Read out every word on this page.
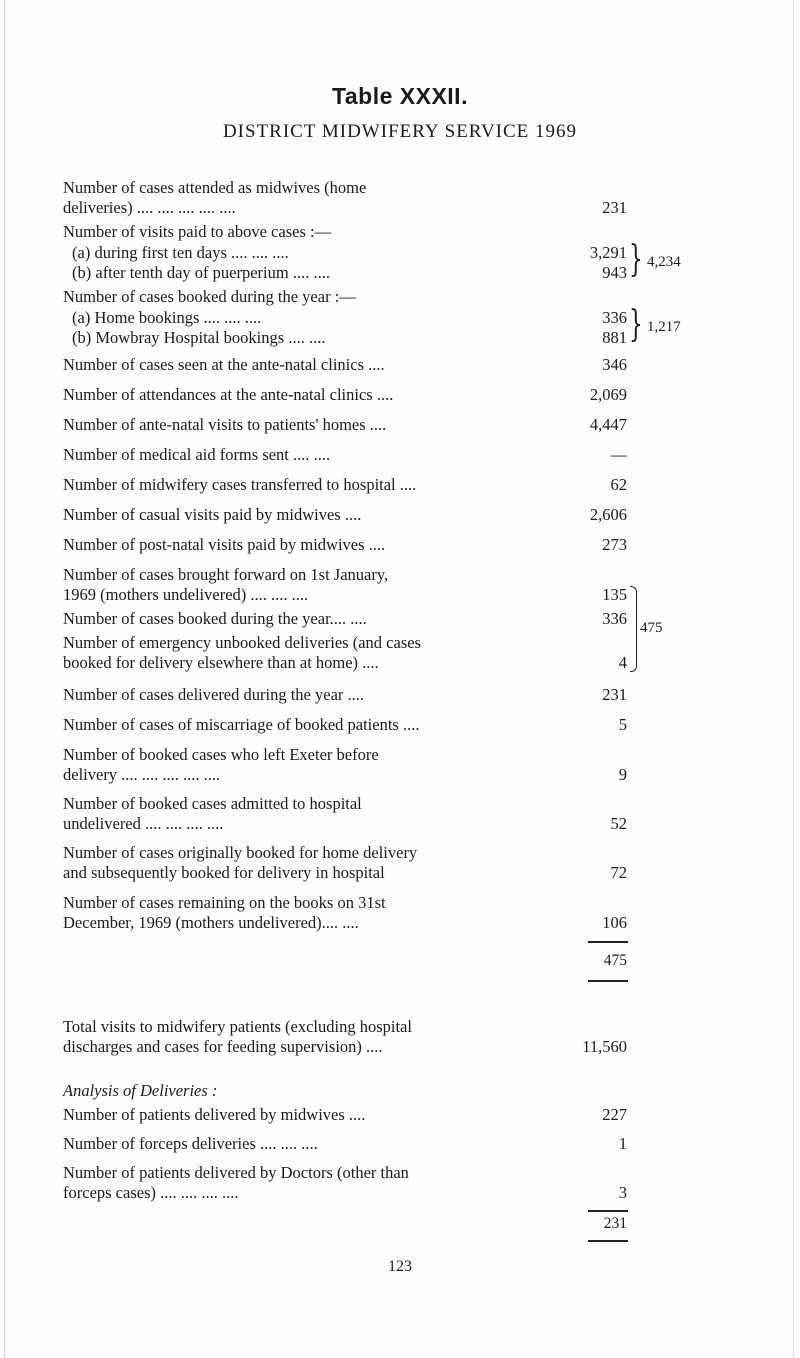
Table XXXII.
DISTRICT MIDWIFERY SERVICE 1969
Number of cases attended as midwives (home
deliveries) .... .... .... .... ....	231
Number of visits paid to above cases :—
(a) during first ten days .... .... ....	3,291
(b) after tenth day of puerperium .... ....	943 } 4,234
Number of cases booked during the year :—
(a) Home bookings .... .... ....	336
(b) Mowbray Hospital bookings .... ....	881 } 1,217
Number of cases seen at the ante-natal clinics ....	346
Number of attendances at the ante-natal clinics ....	2,069
Number of ante-natal visits to patients' homes ....	4,447
Number of medical aid forms sent .... ....	—
Number of midwifery cases transferred to hospital ....	62
Number of casual visits paid by midwives ....	2,606
Number of post-natal visits paid by midwives ....	273
Number of cases brought forward on 1st January,
1969 (mothers undelivered) .... .... ....	135
Number of cases booked during the year.... ....	336
Number of emergency unbooked deliveries (and cases
booked for delivery elsewhere than at home) ....	4
475
Number of cases delivered during the year ....	231
Number of cases of miscarriage of booked patients ....	5
Number of booked cases who left Exeter before
delivery .... .... .... .... ....	9
Number of booked cases admitted to hospital
undelivered .... .... .... ....	52
Number of cases originally booked for home delivery
and subsequently booked for delivery in hospital	72
Number of cases remaining on the books on 31st
December, 1969 (mothers undelivered).... ....	106
475
Total visits to midwifery patients (excluding hospital
discharges and cases for feeding supervision) ....	11,560
Analysis of Deliveries :
Number of patients delivered by midwives ....	227
Number of forceps deliveries .... .... ....	1
Number of patients delivered by Doctors (other than
forceps cases) .... .... .... ....	3
231
123
